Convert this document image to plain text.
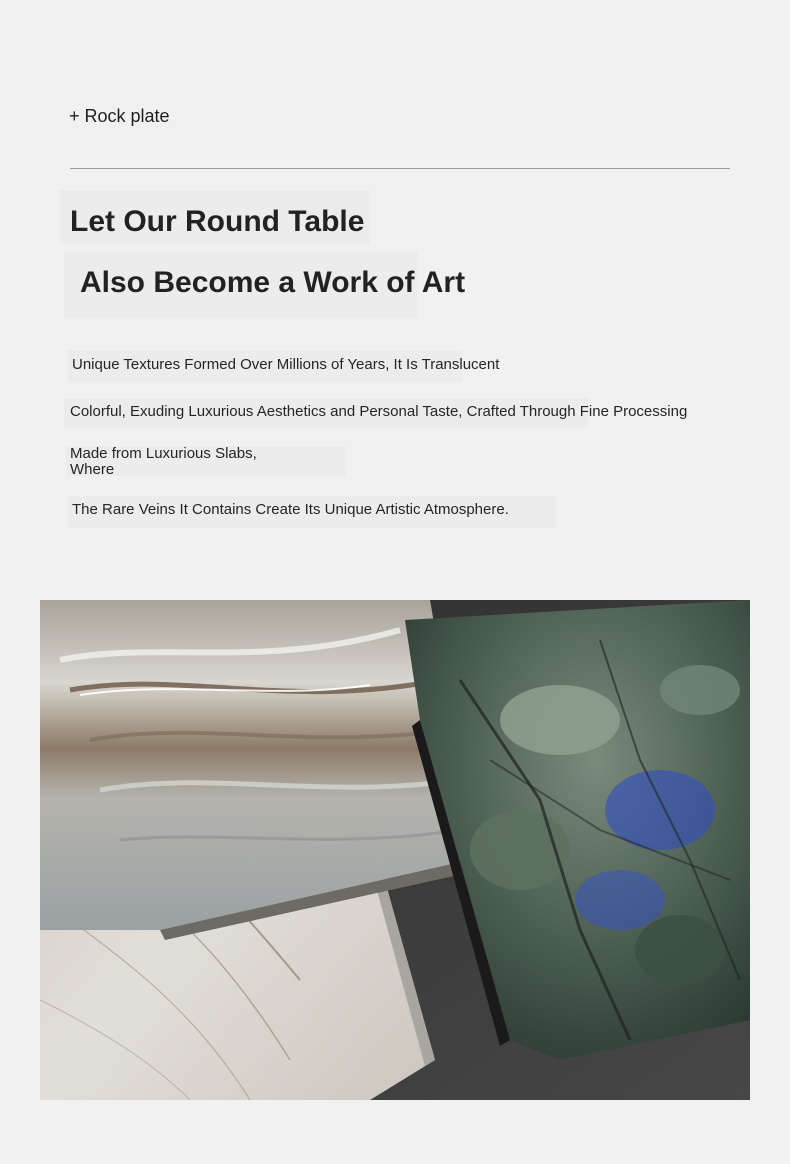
+ Rock plate
Let Our Round Table
Also Become a Work of Art
Unique Textures Formed Over Millions of Years, It Is Translucent
Colorful, Exuding Luxurious Aesthetics and Personal Taste, Crafted Through Fine Processing
Made from Luxurious Slabs,
Where
The Rare Veins It Contains Create Its Unique Artistic Atmosphere.
